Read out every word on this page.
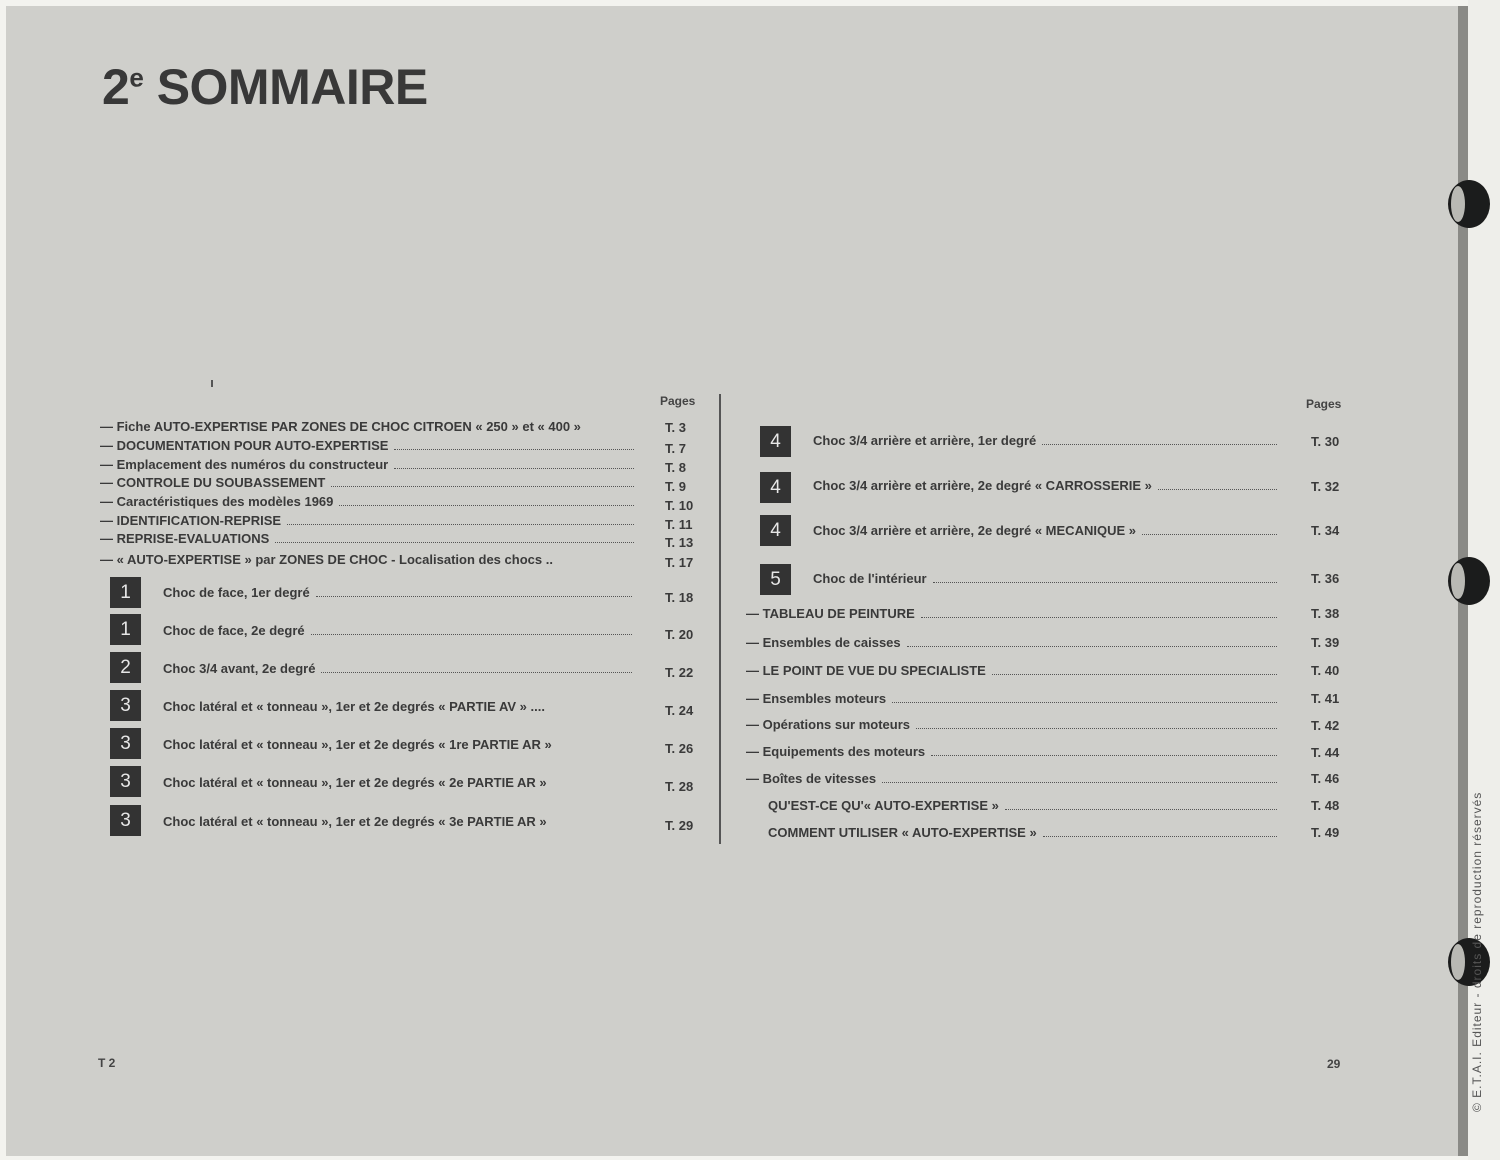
© E.T.A.I. Editeur - droits de reproduction réservés
2e SOMMAIRE
Pages
— Fiche AUTO-EXPERTISE PAR ZONES DE CHOC CITROEN « 250 » et « 400 »	T. 3
— DOCUMENTATION POUR AUTO-EXPERTISE	T. 7
— Emplacement des numéros du constructeur	T. 8
— CONTROLE DU SOUBASSEMENT	T. 9
— Caractéristiques des modèles 1969	T. 10
— IDENTIFICATION-REPRISE	T. 11
— REPRISE-EVALUATIONS	T. 13
— « AUTO-EXPERTISE » par ZONES DE CHOC - Localisation des chocs ..	T. 17
1	Choc de face, 1er degré	T. 18
1	Choc de face, 2e degré	T. 20
2	Choc 3/4 avant, 2e degré	T. 22
3	Choc latéral et « tonneau », 1er et 2e degrés « PARTIE AV » ....	T. 24
3	Choc latéral et « tonneau », 1er et 2e degrés « 1re PARTIE AR »	T. 26
3	Choc latéral et « tonneau », 1er et 2e degrés « 2e PARTIE AR »	T. 28
3	Choc latéral et « tonneau », 1er et 2e degrés « 3e PARTIE AR »	T. 29
Pages
4	Choc 3/4 arrière et arrière, 1er degré	T. 30
4	Choc 3/4 arrière et arrière, 2e degré « CARROSSERIE »	T. 32
4	Choc 3/4 arrière et arrière, 2e degré « MECANIQUE »	T. 34
5	Choc de l'intérieur	T. 36
— TABLEAU DE PEINTURE	T. 38
— Ensembles de caisses	T. 39
— LE POINT DE VUE DU SPECIALISTE	T. 40
— Ensembles moteurs	T. 41
— Opérations sur moteurs	T. 42
— Equipements des moteurs	T. 44
— Boîtes de vitesses	T. 46
QU'EST-CE QU'« AUTO-EXPERTISE »	T. 48
COMMENT UTILISER « AUTO-EXPERTISE »	T. 49
T 2	29
